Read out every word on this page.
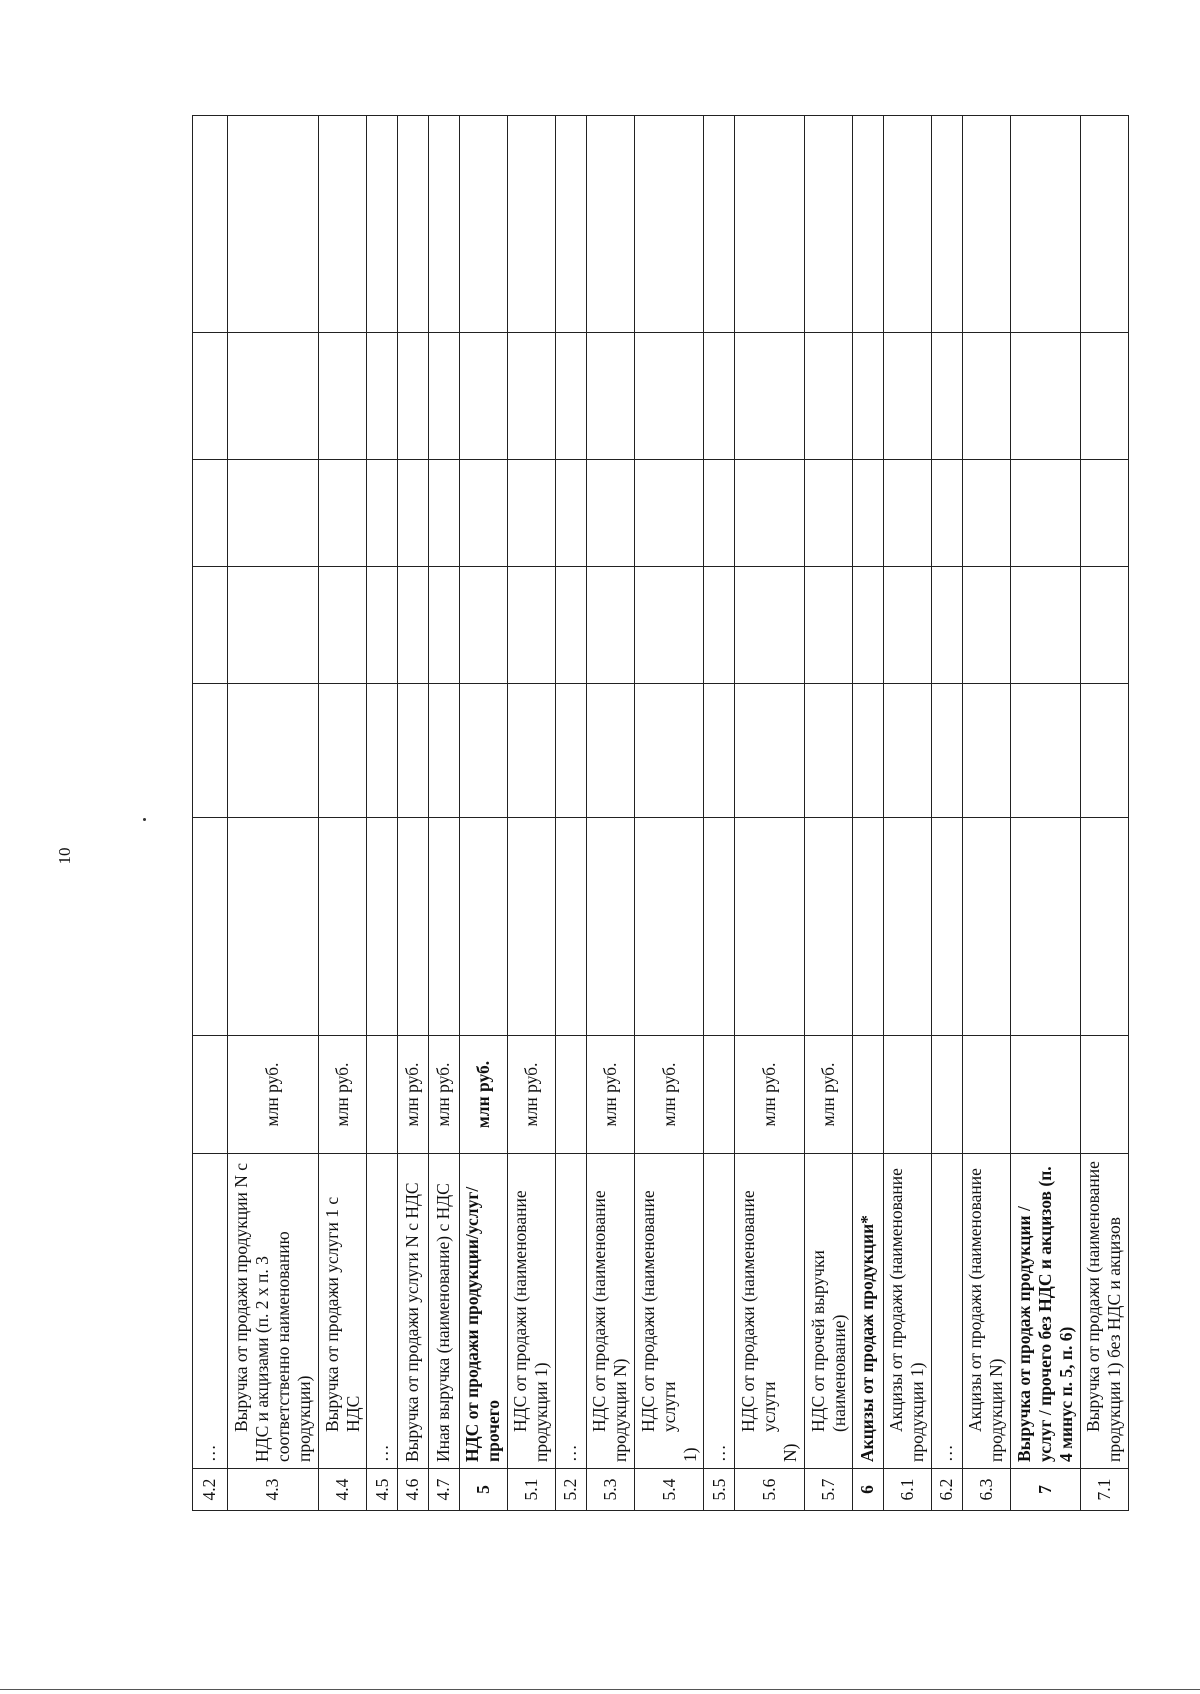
10
4.2	…							

4.3	Выручка от продажи продукции N с НДС и акцизами (п. 2 x п. 3 соответственно наименованию продукции)	млн руб.						
4.4	Выручка от продажи услуги 1 с НДС	млн руб.						
4.5	…							

4.6	Выручка от продажи услуги N с НДС	млн руб.						
4.7	Иная выручка (наименование) с НДС	млн руб.						
5	НДС от продажи продукции/услуг/прочего	млн руб.						
5.1	НДС от продажи (наименование продукции 1)	млн руб.						
5.2	…							

5.3	НДС от продажи (наименование продукции N)	млн руб.						
5.4	НДС от продажи (наименование услуги
1)	млн руб.						
5.5	…							

5.6	НДС от продажи (наименование услуги
N)	млн руб.						
5.7	НДС от прочей выручки (наименование)	млн руб.						
6	Акцизы от продаж продукции*							

6.1	Акцизы от продажи (наименование продукции 1)							

6.2	…							

6.3	Акцизы от продажи (наименование продукции N)							

7	Выручка от продаж продукции / услуг / прочего без НДС и акцизов (п. 4 минус п. 5, п. 6)							

7.1	Выручка от продажи (наименование продукции 1) без НДС и акцизов							
